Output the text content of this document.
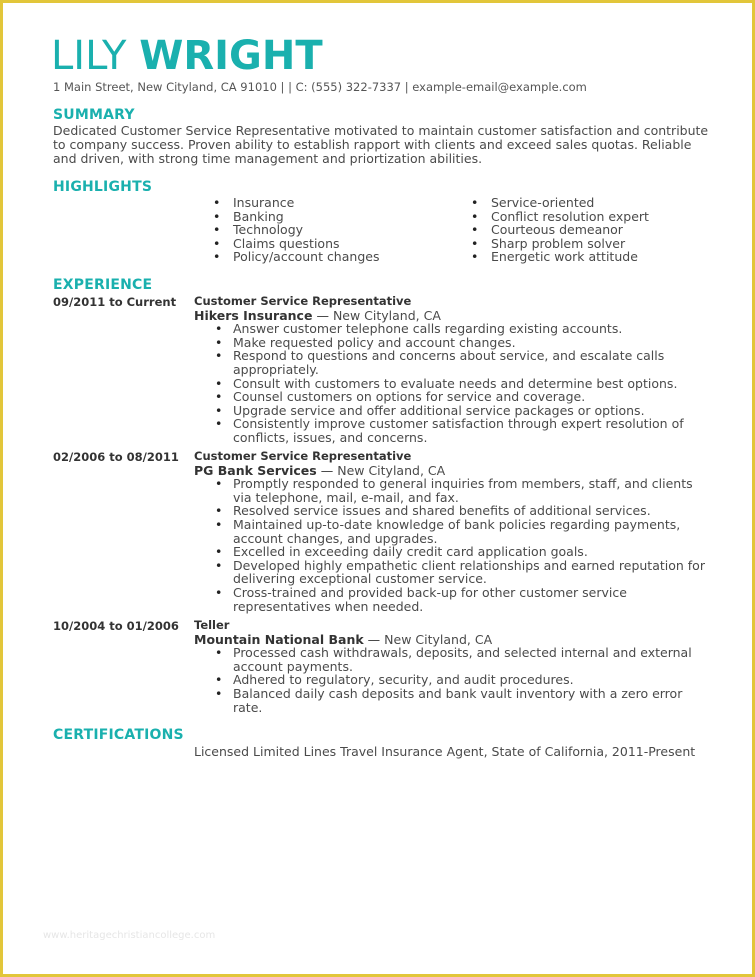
LILY WRIGHT
1 Main Street, New Cityland, CA 91010 | | C: (555) 322-7337 | example-email@example.com
SUMMARY
Dedicated Customer Service Representative motivated to maintain customer satisfaction and contribute to company success. Proven ability to establish rapport with clients and exceed sales quotas. Reliable and driven, with strong time management and priortization abilities.
HIGHLIGHTS
• Insurance
• Banking
• Technology
• Claims questions
• Policy/account changes
• Service-oriented
• Conflict resolution expert
• Courteous demeanor
• Sharp problem solver
• Energetic work attitude
EXPERIENCE
09/2011 to Current Customer Service Representative
Hikers Insurance — New Cityland, CA
• Answer customer telephone calls regarding existing accounts.
• Make requested policy and account changes.
• Respond to questions and concerns about service, and escalate calls appropriately.
• Consult with customers to evaluate needs and determine best options.
• Counsel customers on options for service and coverage.
• Upgrade service and offer additional service packages or options.
• Consistently improve customer satisfaction through expert resolution of conflicts, issues, and concerns.
02/2006 to 08/2011 Customer Service Representative
PG Bank Services — New Cityland, CA
• Promptly responded to general inquiries from members, staff, and clients via telephone, mail, e-mail, and fax.
• Resolved service issues and shared benefits of additional services.
• Maintained up-to-date knowledge of bank policies regarding payments, account changes, and upgrades.
• Excelled in exceeding daily credit card application goals.
• Developed highly empathetic client relationships and earned reputation for delivering exceptional customer service.
• Cross-trained and provided back-up for other customer service representatives when needed.
10/2004 to 01/2006 Teller
Mountain National Bank — New Cityland, CA
• Processed cash withdrawals, deposits, and selected internal and external account payments.
• Adhered to regulatory, security, and audit procedures.
• Balanced daily cash deposits and bank vault inventory with a zero error rate.
CERTIFICATIONS
Licensed Limited Lines Travel Insurance Agent, State of California, 2011-Present
www.heritagechristiancollege.com
